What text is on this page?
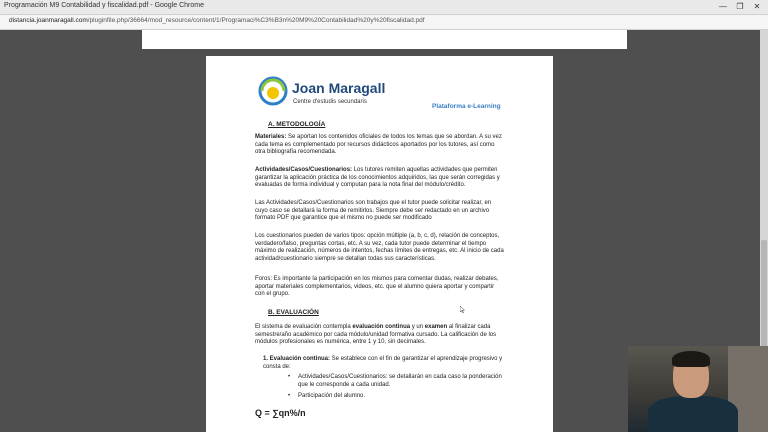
Programación M9 Contabilidad y fiscalidad.pdf - Google Chrome	—	❐	✕
distancia.joanmaragall.com/pluginfile.php/36664/mod_resource/content/1/Programaci%C3%B3n%20M9%20Contabilidad%20y%20fiscalidad.pdf
Joan Maragall
Centre d'estudis secundaris
Plataforma e-Learning
A. METODOLOGÍA
Materiales: Se aportan los contenidos oficiales de todos los temas que se abordan. A su vez cada tema es complementado por recursos didácticos aportados por los tutores, así como otra bibliografía recomendada.
Actividades/Casos/Cuestionarios: Los tutores remiten aquellas actividades que permiten garantizar la aplicación práctica de los conocimientos adquiridos, las que serán corregidas y evaluadas de forma individual y computan para la nota final del módulo/crédito.
Las Actividades/Casos/Cuestionarios son trabajos que el tutor puede solicitar realizar, en cuyo caso se detallará la forma de remitirlos. Siempre debe ser redactado en un archivo formato PDF que garantice que el mismo no puede ser modificado
Los cuestionarios pueden de varios tipos: opción múltiple (a, b, c, d), relación de conceptos, verdadero/falso, preguntas cortas, etc. A su vez, cada tutor puede determinar el tiempo máximo de realización, números de intentos, fechas límites de entregas, etc. Al inicio de cada actividad/cuestionario siempre se detallan todas sus características.
Foros: Es importante la participación en los mismos para comentar dudas, realizar debates, aportar materiales complementarios, videos, etc. que el alumno quiera aportar y compartir con el grupo.
B. EVALUACIÓN
El sistema de evaluación contempla evaluación continua y un examen al finalizar cada semestre/año académico por cada módulo/unidad formativa cursado. La calificación de los módulos profesionales es numérica, entre 1 y 10, sin decimales.
1. Evaluación continua: Se establece con el fin de garantizar el aprendizaje progresivo y consta de:
• Actividades/Casos/Cuestionarios: se detallarán en cada caso la ponderación que le corresponde a cada unidad.
• Participación del alumno.
Q = ∑qn%/n
